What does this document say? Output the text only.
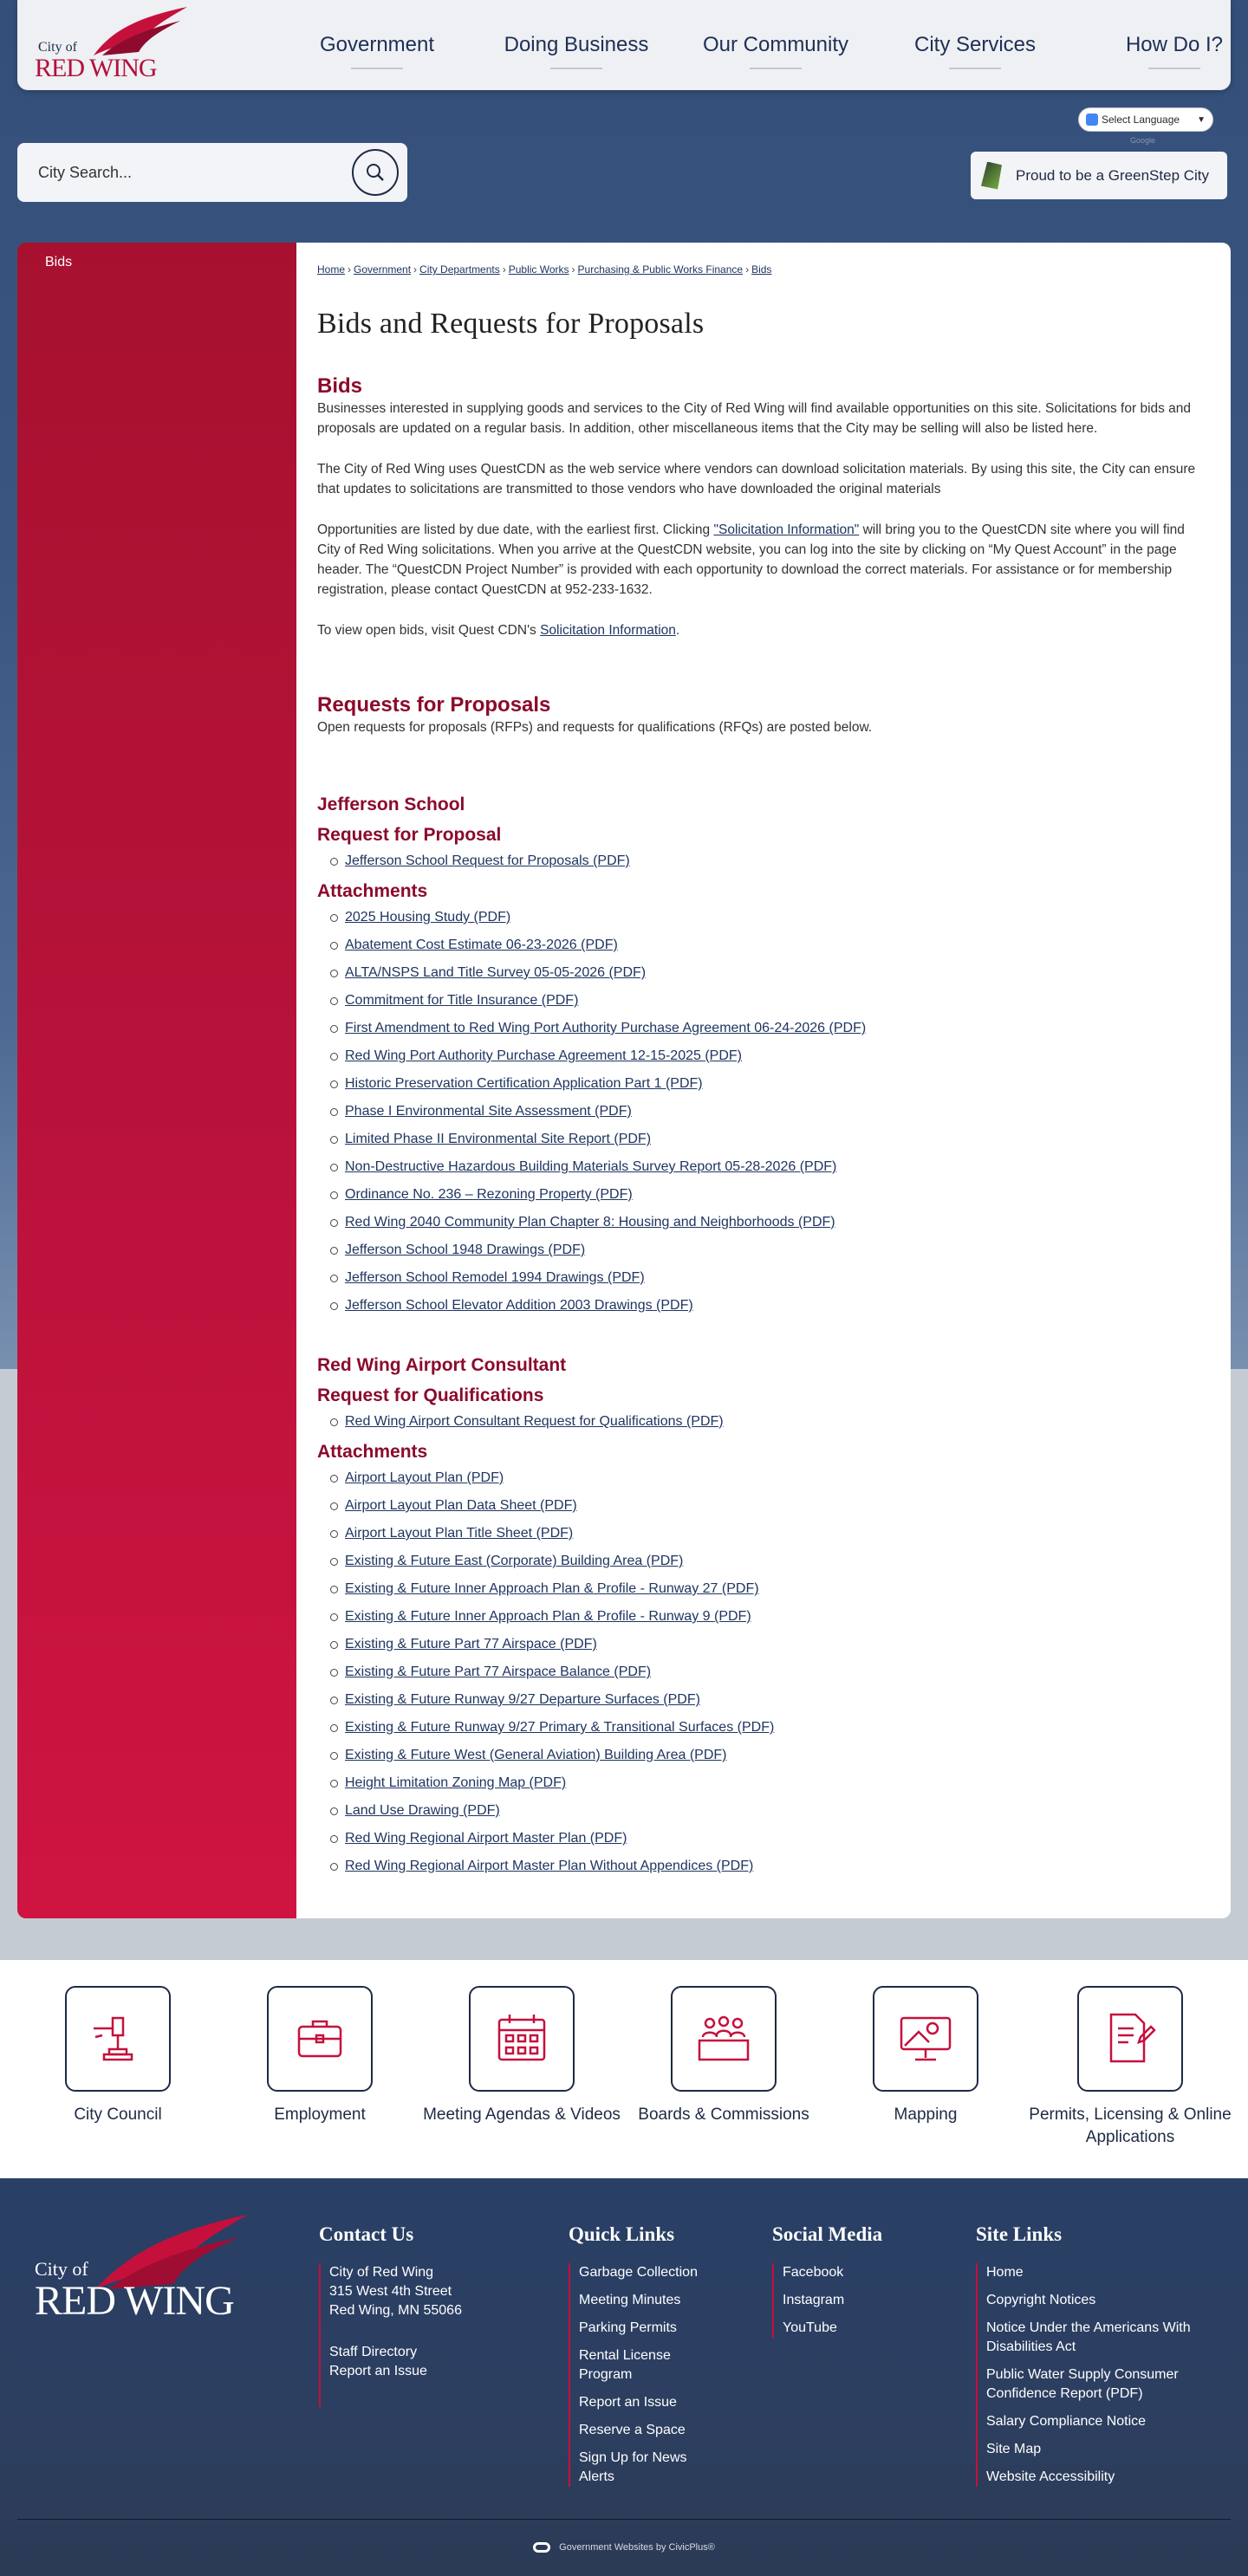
City of
RED WING
Government	Doing Business	Our Community	City Services	How Do I?
Select Language ▼
Google
City Search...
Proud to be a GreenStep City
Bids	Home › Government › City Departments › Public Works › Purchasing & Public Works Finance › Bids
Bids and Requests for Proposals
Bids

Businesses interested in supplying goods and services to the City of Red Wing will find available opportunities on this site. Solicitations for bids and proposals are updated on a regular basis. In addition, other miscellaneous items that the City may be selling will also be listed here.

The City of Red Wing uses QuestCDN as the web service where vendors can download solicitation materials. By using this site, the City can ensure that updates to solicitations are transmitted to those vendors who have downloaded the original materials

Opportunities are listed by due date, with the earliest first. Clicking "Solicitation Information" will bring you to the QuestCDN site where you will find City of Red Wing solicitations. When you arrive at the QuestCDN website, you can log into the site by clicking on “My Quest Account” in the page header. The “QuestCDN Project Number” is provided with each opportunity to download the correct materials. For assistance or for membership registration, please contact QuestCDN at 952-233-1632.

To view open bids, visit Quest CDN's Solicitation Information.

Requests for Proposals

Open requests for proposals (RFPs) and requests for qualifications (RFQs) are posted below.

Jefferson School
Request for Proposal
Jefferson School Request for Proposals (PDF)
Attachments
2025 Housing Study (PDF)
Abatement Cost Estimate 06-23-2026 (PDF)
ALTA/NSPS Land Title Survey 05-05-2026 (PDF)
Commitment for Title Insurance (PDF)
First Amendment to Red Wing Port Authority Purchase Agreement 06-24-2026 (PDF)
Red Wing Port Authority Purchase Agreement 12-15-2025 (PDF)
Historic Preservation Certification Application Part 1 (PDF)
Phase I Environmental Site Assessment (PDF)
Limited Phase II Environmental Site Report (PDF)
Non-Destructive Hazardous Building Materials Survey Report 05-28-2026 (PDF)
Ordinance No. 236 – Rezoning Property (PDF)
Red Wing 2040 Community Plan Chapter 8: Housing and Neighborhoods (PDF)
Jefferson School 1948 Drawings (PDF)
Jefferson School Remodel 1994 Drawings (PDF)
Jefferson School Elevator Addition 2003 Drawings (PDF)
Red Wing Airport Consultant
Request for Qualifications
Red Wing Airport Consultant Request for Qualifications (PDF)
Attachments
Airport Layout Plan (PDF)
Airport Layout Plan Data Sheet (PDF)
Airport Layout Plan Title Sheet (PDF)
Existing & Future East (Corporate) Building Area (PDF)
Existing & Future Inner Approach Plan & Profile - Runway 27 (PDF)
Existing & Future Inner Approach Plan & Profile - Runway 9 (PDF)
Existing & Future Part 77 Airspace (PDF)
Existing & Future Part 77 Airspace Balance (PDF)
Existing & Future Runway 9/27 Departure Surfaces (PDF)
Existing & Future Runway 9/27 Primary & Transitional Surfaces (PDF)
Existing & Future West (General Aviation) Building Area (PDF)
Height Limitation Zoning Map (PDF)
Land Use Drawing (PDF)
Red Wing Regional Airport Master Plan (PDF)
Red Wing Regional Airport Master Plan Without Appendices (PDF)
City Council	Employment	Meeting Agendas & Videos	Boards & Commissions	Mapping	Permits, Licensing & Online Applications
City of
RED WING
Contact Us
City of Red Wing
315 West 4th Street
Red Wing, MN 55066
Staff Directory
Report an Issue
Quick Links
Garbage Collection
Meeting Minutes
Parking Permits
Rental License Program
Report an Issue
Reserve a Space
Sign Up for News Alerts
Social Media
Facebook
Instagram
YouTube
Site Links
Home
Copyright Notices
Notice Under the Americans With Disabilities Act
Public Water Supply Consumer Confidence Report (PDF)
Salary Compliance Notice
Site Map
Website Accessibility
Government Websites by CivicPlus®
